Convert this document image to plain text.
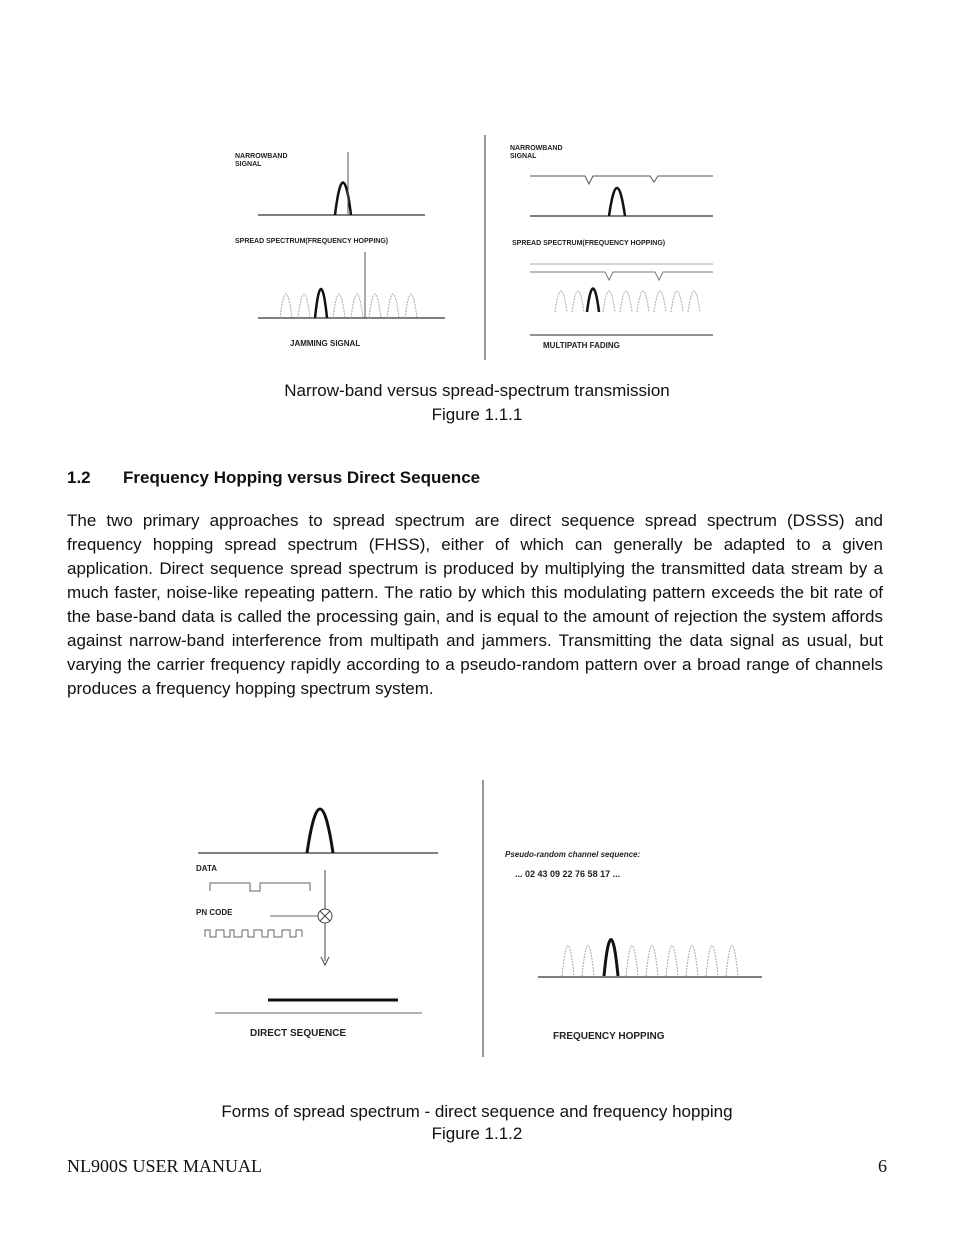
NARROWBAND
SIGNAL
SPREAD SPECTRUM(FREQUENCY HOPPING)
JAMMING SIGNAL
NARROWBAND
SIGNAL
SPREAD SPECTRUM(FREQUENCY HOPPING)
MULTIPATH FADING
Narrow-band versus spread-spectrum transmission
Figure 1.1.1
1.2 Frequency Hopping versus Direct Sequence
The two primary approaches to spread spectrum are direct sequence spread spectrum (DSSS) and frequency hopping spread spectrum (FHSS), either of which can generally be adapted to a given application. Direct sequence spread spectrum is produced by multiplying the transmitted data stream by a much faster, noise-like repeating pattern. The ratio by which this modulating pattern exceeds the bit rate of the base-band data is called the processing gain, and is equal to the amount of rejection the system affords against narrow-band interference from multipath and jammers. Transmitting the data signal as usual, but varying the carrier frequency rapidly according to a pseudo-random pattern over a broad range of channels produces a frequency hopping spectrum system.
DATA
PN CODE
DIRECT SEQUENCE
Pseudo-random channel sequence:
... 02 43 09 22 76 58 17 ...
FREQUENCY HOPPING
Forms of spread spectrum - direct sequence and frequency hopping
Figure 1.1.2
NL900S USER MANUAL	6
